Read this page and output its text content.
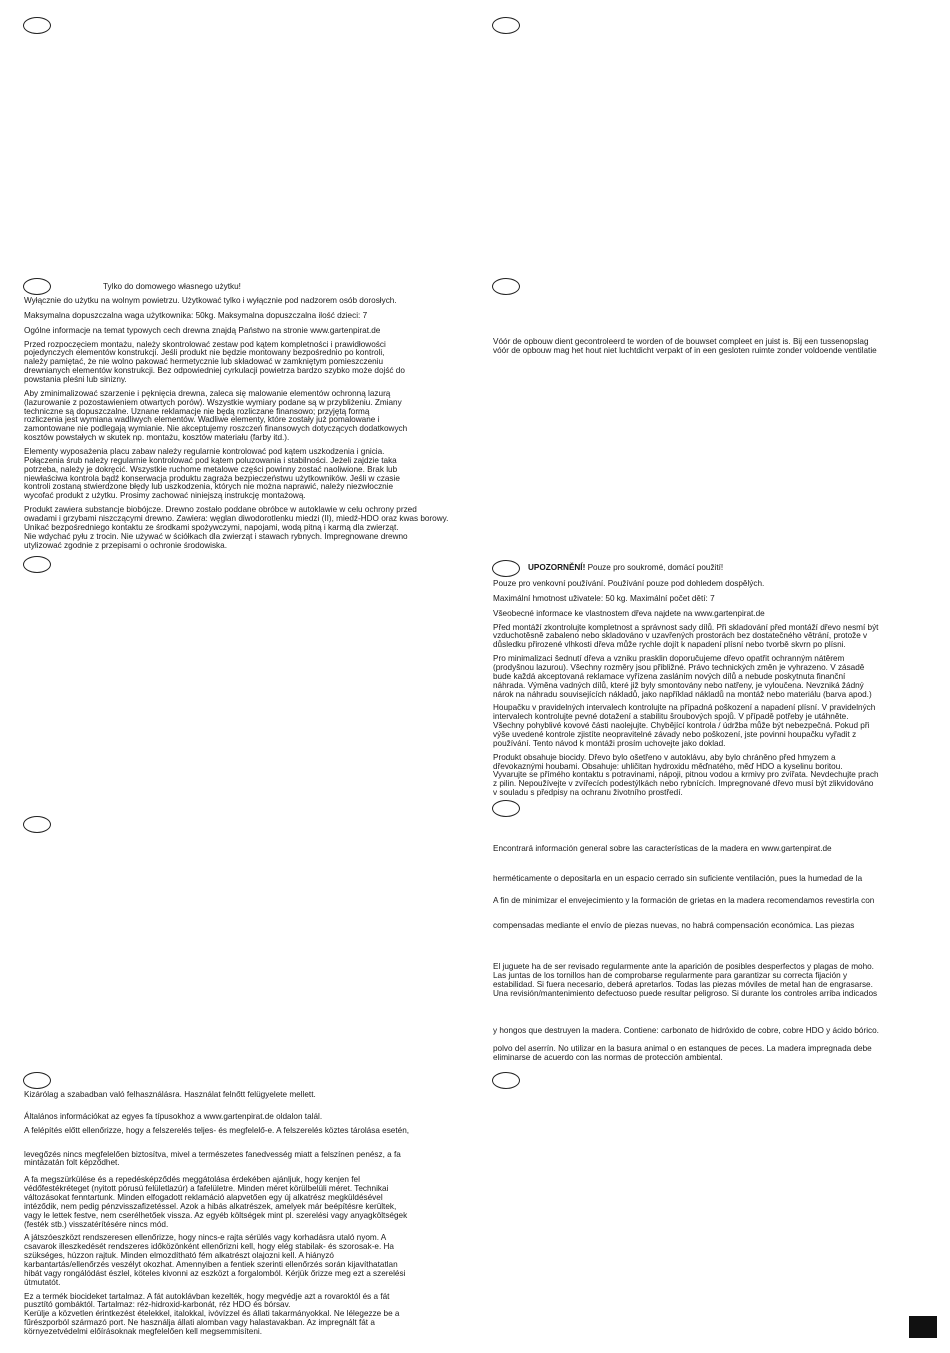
Tylko do domowego własnego użytku!

Wyłącznie do użytku na wolnym powietrzu. Użytkować tylko i wyłącznie pod nadzorem osób dorosłych.

Maksymalna dopuszczalna waga użytkownika: 50kg. Maksymalna dopuszczalna ilość dzieci: 7

Ogólne informacje na temat typowych cech drewna znajdą Państwo na stronie www.gartenpirat.de

Przed rozpoczęciem montażu, należy skontrolować zestaw pod kątem kompletności i prawidłowości
pojedynczych elementów konstrukcji. Jeśli produkt nie będzie montowany bezpośrednio po kontroli,
należy pamiętać, że nie wolno pakować hermetycznie lub składować w zamkniętym pomieszczeniu
drewnianych elementów konstrukcji. Bez odpowiedniej cyrkulacji powietrza bardzo szybko może dojść do
powstania pleśni lub sinizny.

Aby zminimalizować szarzenie i pęknięcia drewna, zaleca się malowanie elementów ochronną lazurą
(lazurowanie z pozostawieniem otwartych porów). Wszystkie wymiary podane są w przybliżeniu. Zmiany
techniczne są dopuszczalne. Uznane reklamacje nie będą rozliczane finansowo; przyjętą formą
rozliczenia jest wymiana wadliwych elementów. Wadliwe elementy, które zostały już pomalowane i
zamontowane nie podlegają wymianie. Nie akceptujemy roszczeń finansowych dotyczących dodatkowych
kosztów powstałych w skutek np. montażu, kosztów materiału (farby itd.).

Elementy wyposażenia placu zabaw należy regularnie kontrolować pod kątem uszkodzenia i gnicia.
Połączenia śrub należy regularnie kontrolować pod kątem poluzowania i stabilności. Jeżeli zajdzie taka
potrzeba, należy je dokręcić. Wszystkie ruchome metalowe części powinny zostać naoliwione. Brak lub
niewłaściwa kontrola bądź konserwacja produktu zagraża bezpieczeństwu użytkowników. Jeśli w czasie
kontroli zostaną stwierdzone błędy lub uszkodzenia, których nie można naprawić, należy niezwłocznie
wycofać produkt z użytku. Prosimy zachować niniejszą instrukcję montażową.

Produkt zawiera substancje biobójcze. Drewno zostało poddane obróbce w autoklawie w celu ochrony przed
owadami i grzybami niszczącymi drewno. Zawiera: węglan diwodorotlenku miedzi (II), miedź-HDO oraz kwas borowy.
Unikać bezpośredniego kontaktu ze środkami spożywczymi, napojami, wodą pitną i karmą dla zwierząt.
Nie wdychać pyłu z trocin. Nie używać w ściółkach dla zwierząt i stawach rybnych. Impregnowane drewno
utylizować zgodnie z przepisami o ochronie środowiska.

Vóór de opbouw dient gecontroleerd te worden of de bouwset compleet en juist is. Bij een tussenopslag
vóór de opbouw mag het hout niet luchtdicht verpakt of in een gesloten ruimte zonder voldoende ventilatie

UPOZORNĚNÍ! Pouze pro soukromé, domácí použití!

Pouze pro venkovní používání. Používání pouze pod dohledem dospělých.

Maximální hmotnost uživatele: 50 kg. Maximální počet dětí: 7

Všeobecné informace ke vlastnostem dřeva najdete na www.gartenpirat.de

Před montáží zkontrolujte kompletnost a správnost sady dílů. Při skladování před montáží dřevo nesmí být
vzduchotěsně zabaleno nebo skladováno v uzavřených prostorách bez dostatečného větrání, protože v
důsledku přirozené vlhkosti dřeva může rychle dojít k napadení plísní nebo tvorbě skvrn po plísni.

Pro minimalizaci šednutí dřeva a vzniku prasklin doporučujeme dřevo opatřit ochranným nátěrem
(prodyšnou lazurou). Všechny rozměry jsou přibližné. Právo technických změn je vyhrazeno. V zásadě
bude každá akceptovaná reklamace vyřízena zasláním nových dílů a nebude poskytnuta finanční
náhrada. Výměna vadných dílů, které již byly smontovány nebo natřeny, je vyloučena. Nevzniká žádný
nárok na náhradu souvisejících nákladů, jako například nákladů na montáž nebo materiálu (barva apod.)

Houpačku v pravidelných intervalech kontrolujte na případná poškození a napadení plísní. V pravidelných
intervalech kontrolujte pevné dotažení a stabilitu šroubových spojů. V případě potřeby je utáhněte.
Všechny pohyblivé kovové části naolejujte. Chybějící kontrola / údržba může být nebezpečná. Pokud při
výše uvedené kontrole zjistíte neopravitelné závady nebo poškození, jste povinni houpačku vyřadit z
používání. Tento návod k montáži prosím uchovejte jako doklad.

Produkt obsahuje biocidy. Dřevo bylo ošetřeno v autoklávu, aby bylo chráněno před hmyzem a
dřevokaznými houbami. Obsahuje: uhličitan hydroxidu měďnatého, měď HDO a kyselinu boritou.
Vyvarujte se přímého kontaktu s potravinami, nápoji, pitnou vodou a krmivy pro zvířata. Nevdechujte prach
z pilin. Nepoužívejte v zvířecích podestýlkách nebo rybnících. Impregnované dřevo musí být zlikvidováno
v souladu s předpisy na ochranu životního prostředí.

Encontrará información general sobre las características de la madera en www.gartenpirat.de

herméticamente o depositarla en un espacio cerrado sin suficiente ventilación, pues la humedad de la

A fin de minimizar el envejecimiento y la formación de grietas en la madera recomendamos revestirla con

compensadas mediante el envío de piezas nuevas, no habrá compensación económica. Las piezas

El juguete ha de ser revisado regularmente ante la aparición de posibles desperfectos y plagas de moho.
Las juntas de los tornillos han de comprobarse regularmente para garantizar su correcta fijación y
estabilidad. Si fuera necesario, deberá apretarlos. Todas las piezas móviles de metal han de engrasarse.
Una revisión/mantenimiento defectuoso puede resultar peligroso. Si durante los controles arriba indicados

y hongos que destruyen la madera. Contiene: carbonato de hidróxido de cobre, cobre HDO y ácido bórico.

polvo del aserrín. No utilizar en la basura animal o en estanques de peces. La madera impregnada debe
eliminarse de acuerdo con las normas de protección ambiental.

Kizárólag a szabadban való felhasználásra. Használat felnőtt felügyelete mellett.

Általános információkat az egyes fa típusokhoz a www.gartenpirat.de oldalon talál.

A felépítés előtt ellenőrizze, hogy a felszerelés teljes- és megfelelő-e. A felszerelés köztes tárolása esetén,

levegőzés nincs megfelelően biztosítva, mivel a természetes fanedvesség miatt a felszínen penész, a fa
mintázatán folt képződhet.

A fa megszürkülése és a repedésképződés meggátolása érdekében ajánljuk, hogy kenjen fel
védőfestékréteget (nyitott pórusú felületlazúr) a fafelületre. Minden méret körülbelüli méret. Technikai
változásokat fenntartunk. Minden elfogadott reklamáció alapvetően egy új alkatrész megküldésével
intéződik, nem pedig pénzvisszafizetéssel. Azok a hibás alkatrészek, amelyek már beépítésre kerültek,
vagy le lettek festve, nem cserélhetőek vissza. Az egyéb költségek mint pl. szerelési vagy anyagköltségek
(festék stb.) visszatérítésére nincs mód.

A játszóeszközt rendszeresen ellenőrizze, hogy nincs-e rajta sérülés vagy korhadásra utaló nyom. A
csavarok illeszkedését rendszeres időközönként ellenőrizni kell, hogy elég stabilak- és szorosak-e. Ha
szükséges, húzzon rajtuk. Minden elmozdítható fém alkatrészt olajozni kell. A hiányzó
karbantartás/ellenőrzés veszélyt okozhat. Amennyiben a fentiek szerinti ellenőrzés során kijavíthatatlan
hibát vagy rongálódást észlel, köteles kivonni az eszközt a forgalomból. Kérjük őrizze meg ezt a szerelési
útmutatót.

Ez a termék biocideket tartalmaz. A fát autoklávban kezelték, hogy megvédje azt a rovaroktól és a fát
pusztító gombáktól. Tartalmaz: réz-hidroxid-karbonát, réz HDO és bórsav.
Kerülje a közvetlen érintkezést ételekkel, italokkal, ivóvízzel és állati takarmányokkal. Ne lélegezze be a
fűrészporból származó port. Ne használja állati alomban vagy halastavakban. Az impregnált fát a
környezetvédelmi előírásoknak megfelelően kell megsemmisíteni.
